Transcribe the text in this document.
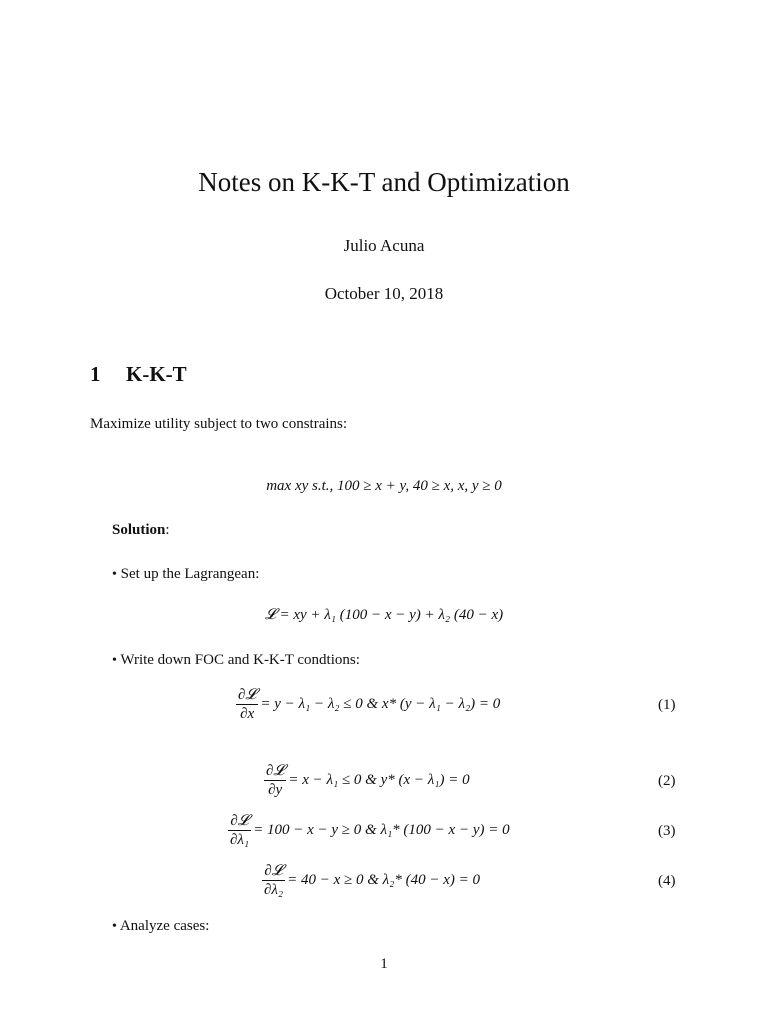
Notes on K-K-T and Optimization
Julio Acuna
October 10, 2018
1 K-K-T
Maximize utility subject to two constrains:
max xy s.t., 100 ≥ x + y, 40 ≥ x, x, y ≥ 0
Solution:
• Set up the Lagrangean:
𝓛 = xy + λ₁ (100 − x − y) + λ₂ (40 − x)
• Write down FOC and K-K-T condtions:
$\frac{\text{∂𝓛}}{\partial x} = y - \lambda_1 - \lambda_2 \le 0$ & x* (y − λ₁ − λ₂) = 0	(1)
$\frac{\text{∂𝓛}}{\partial y} = x - \lambda_1 \le 0$ & y* (x − λ₁) = 0	(2)
$\frac{\text{∂𝓛}}{\text{∂λ₁}} = 100 - x - y \ge 0$ & λ₁* (100 − x − y) = 0	(3)
$\frac{\text{∂𝓛}}{\text{∂λ₂}} = 40 - x \ge 0$ & λ₂* (40 − x) = 0	(4)
• Analyze cases:
1
